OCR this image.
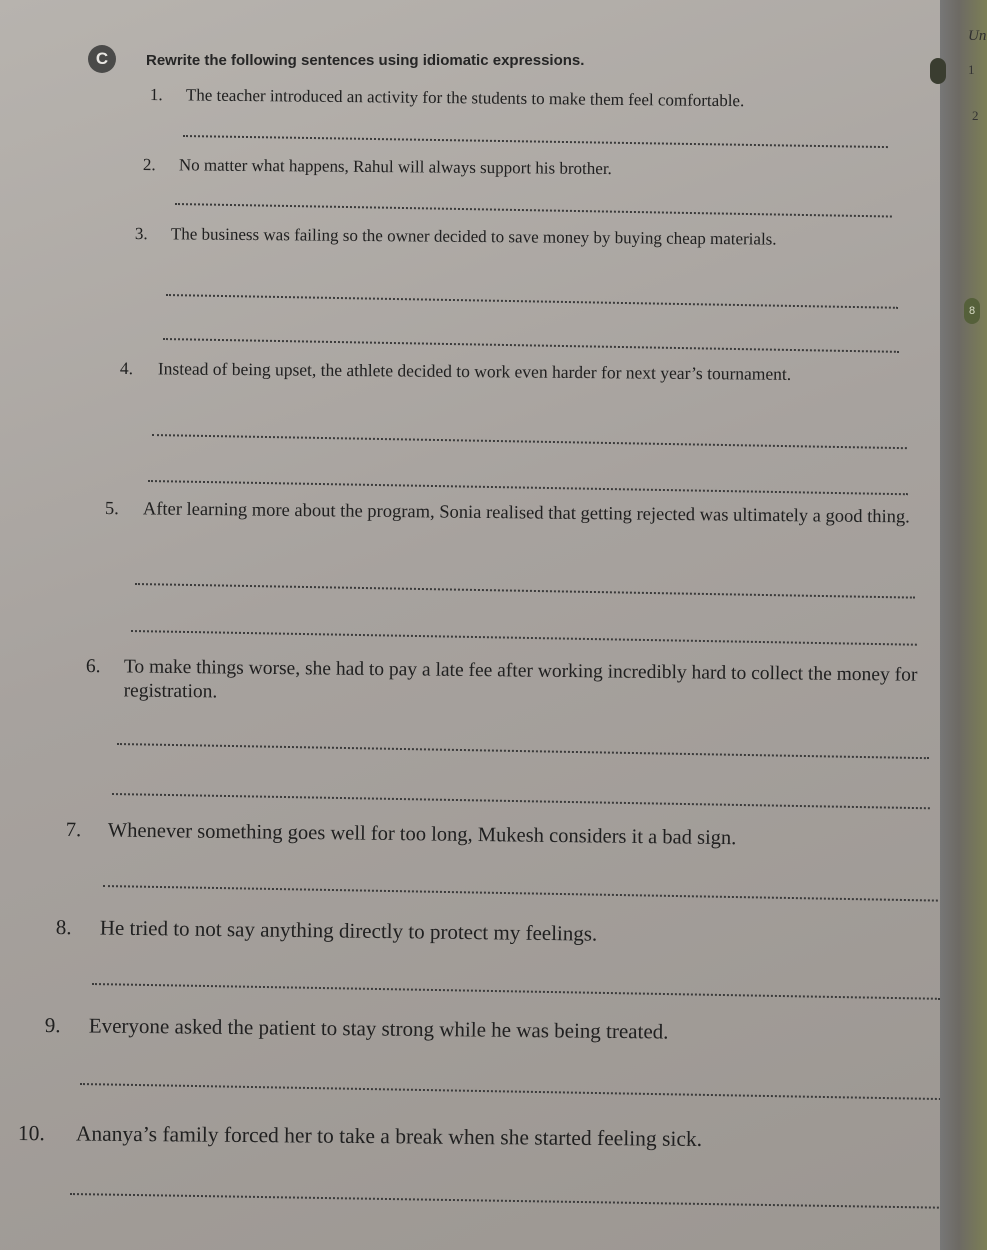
C	Rewrite the following sentences using idiomatic expressions.
1. The teacher introduced an activity for the students to make them feel comfortable.
2. No matter what happens, Rahul will always support his brother.
3. The business was failing so the owner decided to save money by buying cheap materials.
4. Instead of being upset, the athlete decided to work even harder for next year’s tournament.
5. After learning more about the program, Sonia realised that getting rejected was ultimately a good thing.
6. To make things worse, she had to pay a late fee after working incredibly hard to collect the money for registration.
7. Whenever something goes well for too long, Mukesh considers it a bad sign.
8. He tried to not say anything directly to protect my feelings.
9. Everyone asked the patient to stay strong while he was being treated.
10. Ananya’s family forced her to take a break when she started feeling sick.
Un
1
2
8
